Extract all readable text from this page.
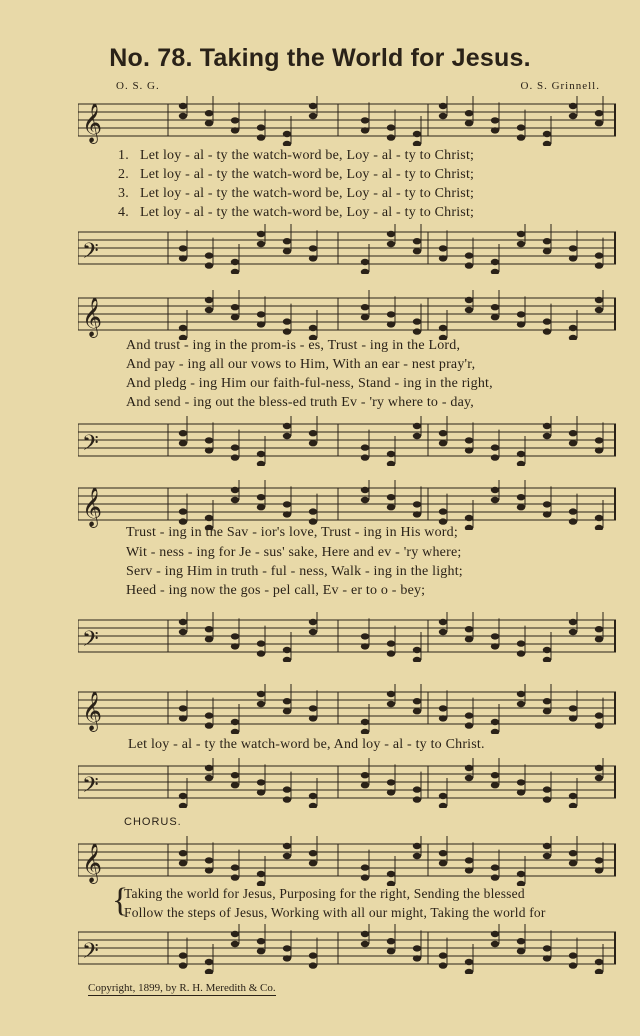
No. 78. Taking the World for Jesus.
O. S. G.	O. S. Grinnell.
𝄞
1. Let loy - al - ty the watch-word be, Loy - al - ty to Christ;
2. Let loy - al - ty the watch-word be, Loy - al - ty to Christ;
3. Let loy - al - ty the watch-word be, Loy - al - ty to Christ;
4. Let loy - al - ty the watch-word be, Loy - al - ty to Christ;
𝄢
𝄞
And trust - ing in the prom-is - es, Trust - ing in the Lord,
And pay - ing all our vows to Him, With an ear - nest pray'r,
And pledg - ing Him our faith-ful-ness, Stand - ing in the right,
And send - ing out the bless-ed truth Ev - 'ry where to - day,
𝄢
𝄞
Trust - ing in the Sav - ior's love, Trust - ing in His word;
Wit - ness - ing for Je - sus' sake, Here and ev - 'ry where;
Serv - ing Him in truth - ful - ness, Walk - ing in the light;
Heed - ing now the gos - pel call, Ev - er to o - bey;
𝄢
𝄞
Let loy - al - ty the watch-word be, And loy - al - ty to Christ.
𝄢
CHORUS.
𝄞
{
Taking the world for Jesus, Purposing for the right, Sending the blessed
Follow the steps of Jesus, Working with all our might, Taking the world for
𝄢
Copyright, 1899, by R. H. Meredith & Co.
